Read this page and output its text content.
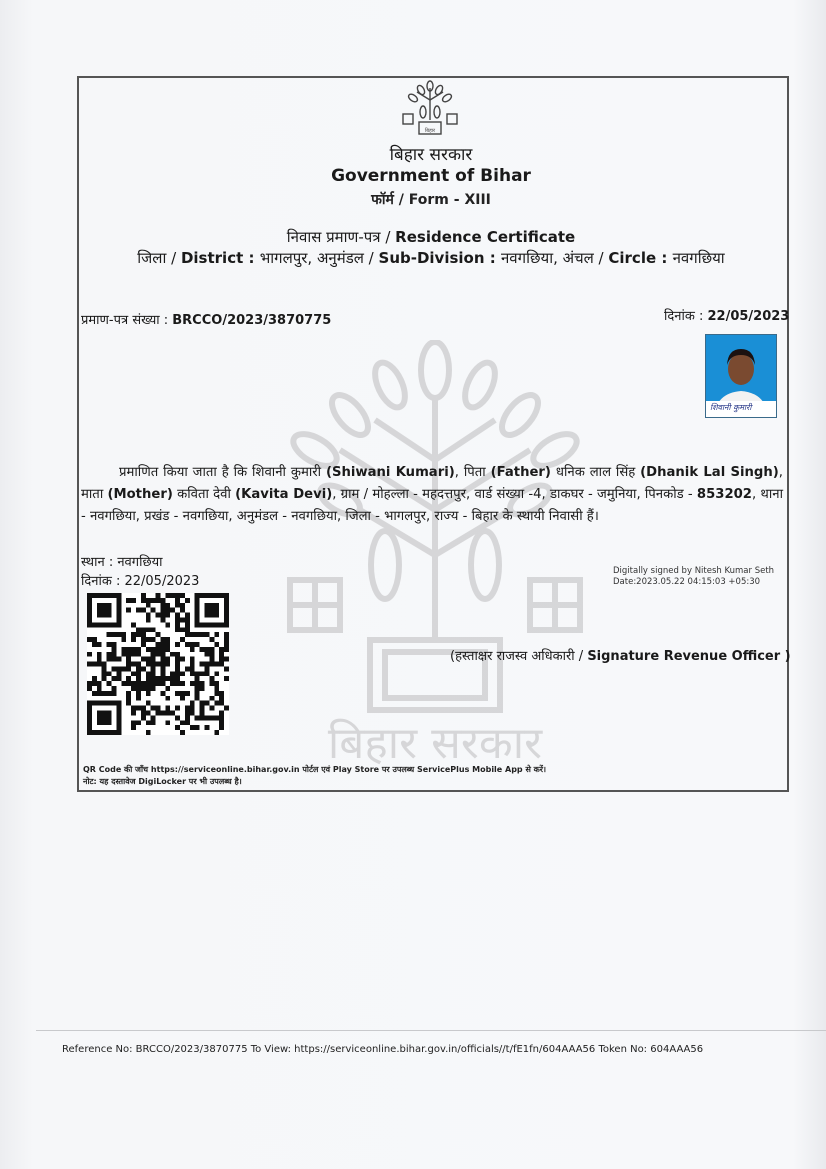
बिहार सरकार
बिहार
बिहार सरकार
Government of Bihar
फॉर्म / Form - XIII
निवास प्रमाण-पत्र / Residence Certificate
जिला / District : भागलपुर, अनुमंडल / Sub-Division : नवगछिया, अंचल / Circle : नवगछिया
प्रमाण-पत्र संख्या : BRCCO/2023/3870775	दिनांक : 22/05/2023
शिवानी कुमारी
प्रमाणित किया जाता है कि शिवानी कुमारी (Shiwani Kumari), पिता (Father) धनिक लाल सिंह (Dhanik Lal Singh), माता (Mother) कविता देवी (Kavita Devi), ग्राम / मोहल्ला - महदत्तपुर, वार्ड संख्या -4, डाकघर - जमुनिया, पिनकोड - 853202, थाना - नवगछिया, प्रखंड - नवगछिया, अनुमंडल - नवगछिया, जिला - भागलपुर, राज्य - बिहार के स्थायी निवासी हैं।
स्थान : नवगछिया
दिनांक : 22/05/2023
Digitally signed by Nitesh Kumar Seth
Date:2023.05.22 04:15:03 +05:30
(हस्ताक्षर राजस्व अधिकारी / Signature Revenue Officer )
QR Code की जाँच https://serviceonline.bihar.gov.in पोर्टल एवं Play Store पर उपलब्ध ServicePlus Mobile App से करें।
नोट: यह दस्तावेज DigiLocker पर भी उपलब्ध है।
Reference No: BRCCO/2023/3870775 To View: https://serviceonline.bihar.gov.in/officials//t/fE1fn/604AAA56 Token No: 604AAA56
